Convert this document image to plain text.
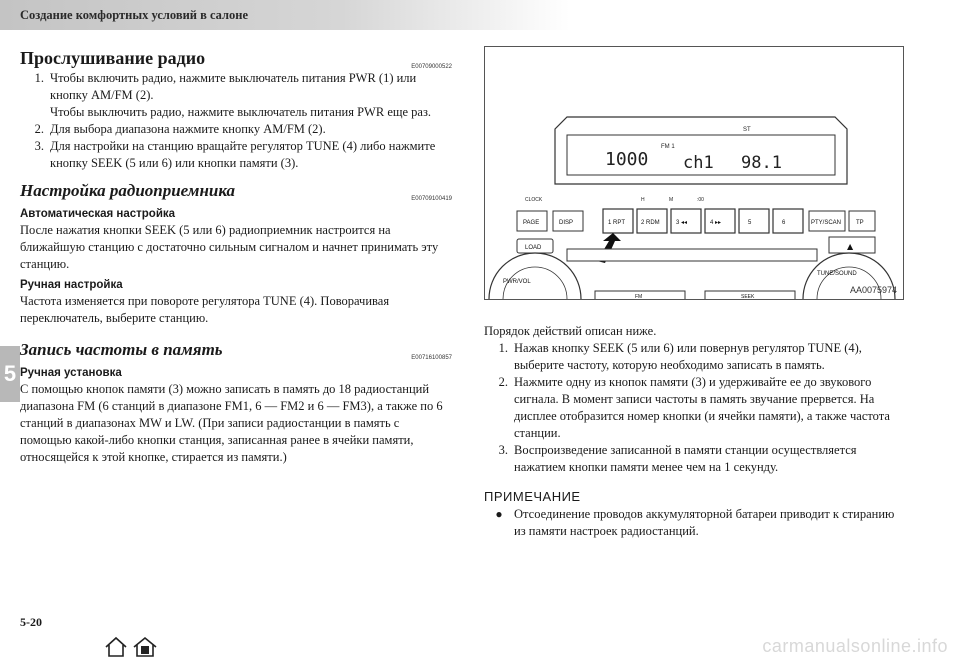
Создание комфортных условий в салоне
5
Прослушивание радио	E00709000522
1. Чтобы включить радио, нажмите выключатель питания PWR (1) или кнопку AM/FM (2).
Чтобы выключить радио, нажмите выключатель питания PWR еще раз.
2. Для выбора диапазона нажмите кнопку AM/FM (2).
3. Для настройки на станцию вращайте регулятор TUNE (4) либо нажмите кнопку SEEK (5 или 6) или кнопки памяти (3).
Настройка радиоприемника	E00709100419
Автоматическая настройка

После нажатия кнопки SEEK (5 или 6) радиоприемник настроится на ближайшую станцию с достаточно сильным сигналом и начнет принимать эту станцию.

Ручная настройка

Частота изменяется при повороте регулятора TUNE (4). Поворачивая переключатель, выберите станцию.

Запись частоты в память	E00716100857
Ручная установка

С помощью кнопок памяти (3) можно записать в память до 18 радиостанций диапазона FM (6 станций в диапазоне FM1, 6 — FM2 и 6 — FM3), а также по 6 станций в диапазонах MW и LW. (При записи радиостанции в память с помощью какой-либо кнопки станция, записанная ранее в ячейки памяти, относящейся к этой кнопке, стирается из памяти.)

1000
FM 1
ST
ch1 98.1
CLOCK	H	M	:00
PAGE	DISP	1 RPT	2 RDM	3 ◂◂	4 ▸▸	5	6	PTY/SCAN TP
LOAD	▲
PWR/VOL
TUNE/SOUND
FM	SEEK
AA0075974

Порядок действий описан ниже.

1. Нажав кнопку SEEK (5 или 6) или повернув регулятор TUNE (4), выберите частоту, которую необходимо записать в память.
2. Нажмите одну из кнопок памяти (3) и удерживайте ее до звукового сигнала. В момент записи частоты в память звучание прервется. На дисплее отобразится номер кнопки (и ячейки памяти), а также частота станции.
3. Воспроизведение записанной в памяти станции осуществляется нажатием кнопки памяти менее чем на 1 секунду.
ПРИМЕЧАНИЕ
● Отсоединение проводов аккумуляторной батареи приводит к стиранию из памяти настроек радиостанций.
5-20
carmanualsonline.info
